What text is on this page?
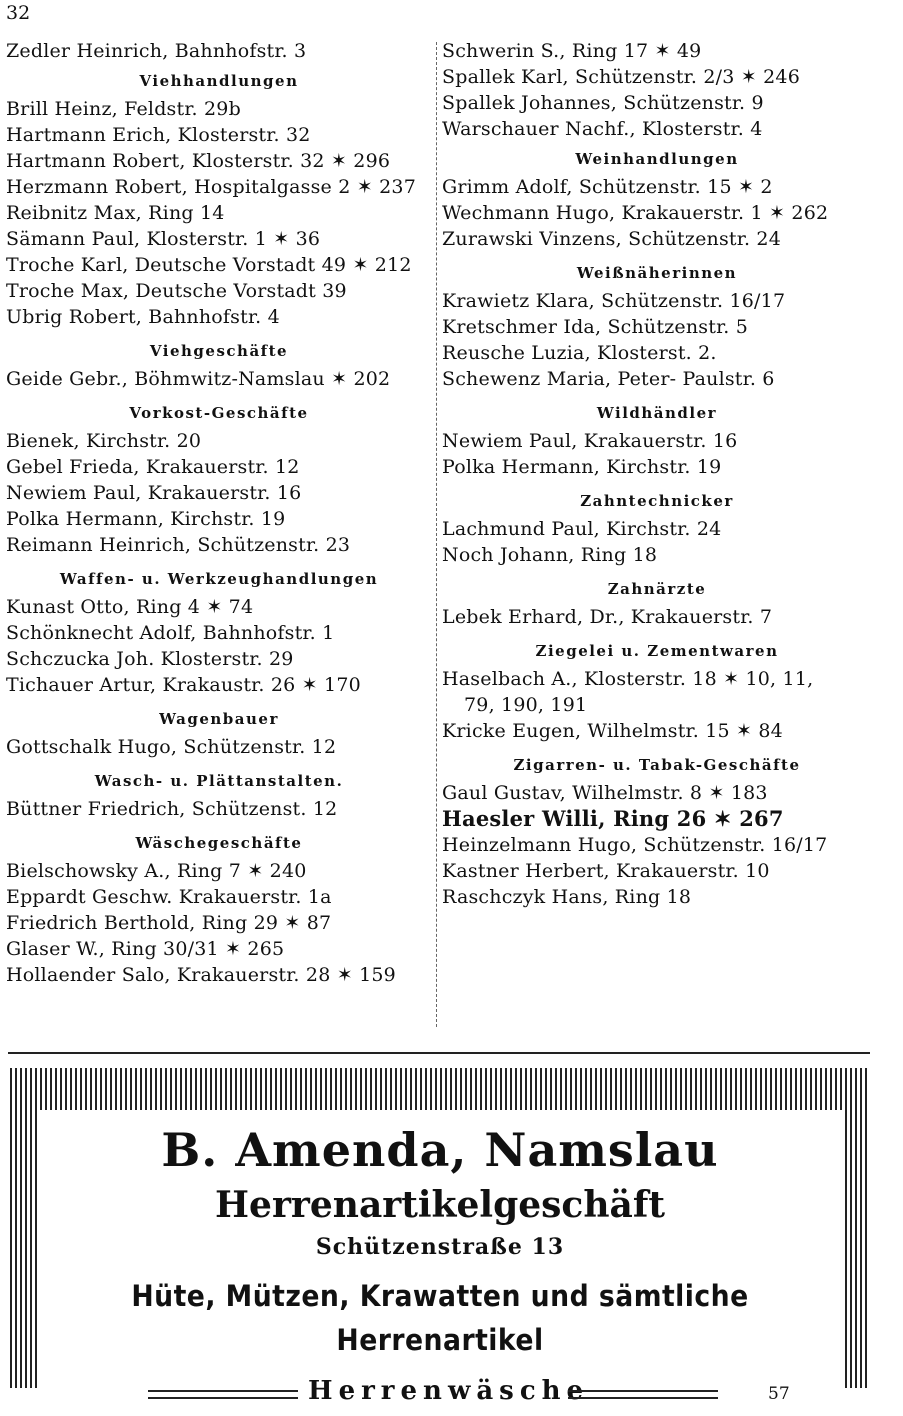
32
Zedler Heinrich, Bahnhofstr. 3
Viehhandlungen
Brill Heinz, Feldstr. 29b
Hartmann Erich, Klosterstr. 32
Hartmann Robert, Klosterstr. 32 ✶ 296
Herzmann Robert, Hospitalgasse 2 ✶ 237
Reibnitz Max, Ring 14
Sämann Paul, Klosterstr. 1 ✶ 36
Troche Karl, Deutsche Vorstadt 49 ✶ 212
Troche Max, Deutsche Vorstadt 39
Ubrig Robert, Bahnhofstr. 4
Viehgeschäfte
Geide Gebr., Böhmwitz-Namslau ✶ 202
Vorkost-Geschäfte
Bienek, Kirchstr. 20
Gebel Frieda, Krakauerstr. 12
Newiem Paul, Krakauerstr. 16
Polka Hermann, Kirchstr. 19
Reimann Heinrich, Schützenstr. 23
Waffen- u. Werkzeughandlungen
Kunast Otto, Ring 4 ✶ 74
Schönknecht Adolf, Bahnhofstr. 1
Schczucka Joh. Klosterstr. 29
Tichauer Artur, Krakaustr. 26 ✶ 170
Wagenbauer
Gottschalk Hugo, Schützenstr. 12
Wasch- u. Plättanstalten.
Büttner Friedrich, Schützenst. 12
Wäschegeschäfte
Bielschowsky A., Ring 7 ✶ 240
Eppardt Geschw. Krakauerstr. 1a
Friedrich Berthold, Ring 29 ✶ 87
Glaser W., Ring 30/31 ✶ 265
Hollaender Salo, Krakauerstr. 28 ✶ 159
Schwerin S., Ring 17 ✶ 49
Spallek Karl, Schützenstr. 2/3 ✶ 246
Spallek Johannes, Schützenstr. 9
Warschauer Nachf., Klosterstr. 4
Weinhandlungen
Grimm Adolf, Schützenstr. 15 ✶ 2
Wechmann Hugo, Krakauerstr. 1 ✶ 262
Zurawski Vinzens, Schützenstr. 24
Weißnäherinnen
Krawietz Klara, Schützenstr. 16/17
Kretschmer Ida, Schützenstr. 5
Reusche Luzia, Klosterst. 2.
Schewenz Maria, Peter- Paulstr. 6
Wildhändler
Newiem Paul, Krakauerstr. 16
Polka Hermann, Kirchstr. 19
Zahntechnicker
Lachmund Paul, Kirchstr. 24
Noch Johann, Ring 18
Zahnärzte
Lebek Erhard, Dr., Krakauerstr. 7
Ziegelei u. Zementwaren
Haselbach A., Klosterstr. 18 ✶ 10, 11,
79, 190, 191
Kricke Eugen, Wilhelmstr. 15 ✶ 84
Zigarren- u. Tabak-Geschäfte
Gaul Gustav, Wilhelmstr. 8 ✶ 183
Haesler Willi, Ring 26 ✶ 267
Heinzelmann Hugo, Schützenstr. 16/17
Kastner Herbert, Krakauerstr. 10
Raschczyk Hans, Ring 18
B. Amenda, Namslau
Herrenartikelgeschäft
Schützenstraße 13
Hüte, Mützen, Krawatten und sämtliche Herrenartikel
Herrenwäsche	57
